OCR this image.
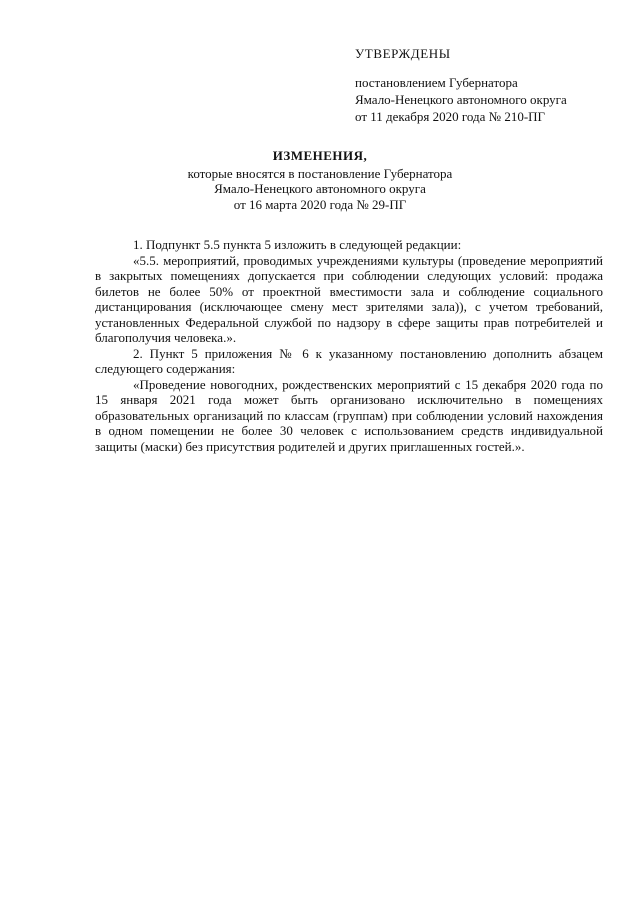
УТВЕРЖДЕНЫ
постановлением Губернатора
Ямало-Ненецкого автономного округа
от 11 декабря 2020 года № 210-ПГ
ИЗМЕНЕНИЯ,
которые вносятся в постановление Губернатора
Ямало-Ненецкого автономного округа
от 16 марта 2020 года № 29-ПГ

1. Подпункт 5.5 пункта 5 изложить в следующей редакции:

«5.5. мероприятий, проводимых учреждениями культуры (проведение мероприятий в закрытых помещениях допускается при соблюдении следующих условий: продажа билетов не более 50% от проектной вместимости зала и соблюдение социального дистанцирования (исключающее смену мест зрителями зала)), с учетом требований, установленных Федеральной службой по надзору в сфере защиты прав потребителей и благополучия человека.».

2. Пункт 5 приложения № 6 к указанному постановлению дополнить абзацем следующего содержания:

«Проведение новогодних, рождественских мероприятий с 15 декабря 2020 года по 15 января 2021 года может быть организовано исключительно в помещениях образовательных организаций по классам (группам) при соблюдении условий нахождения в одном помещении не более 30 человек с использованием средств индивидуальной защиты (маски) без присутствия родителей и других приглашенных гостей.».
